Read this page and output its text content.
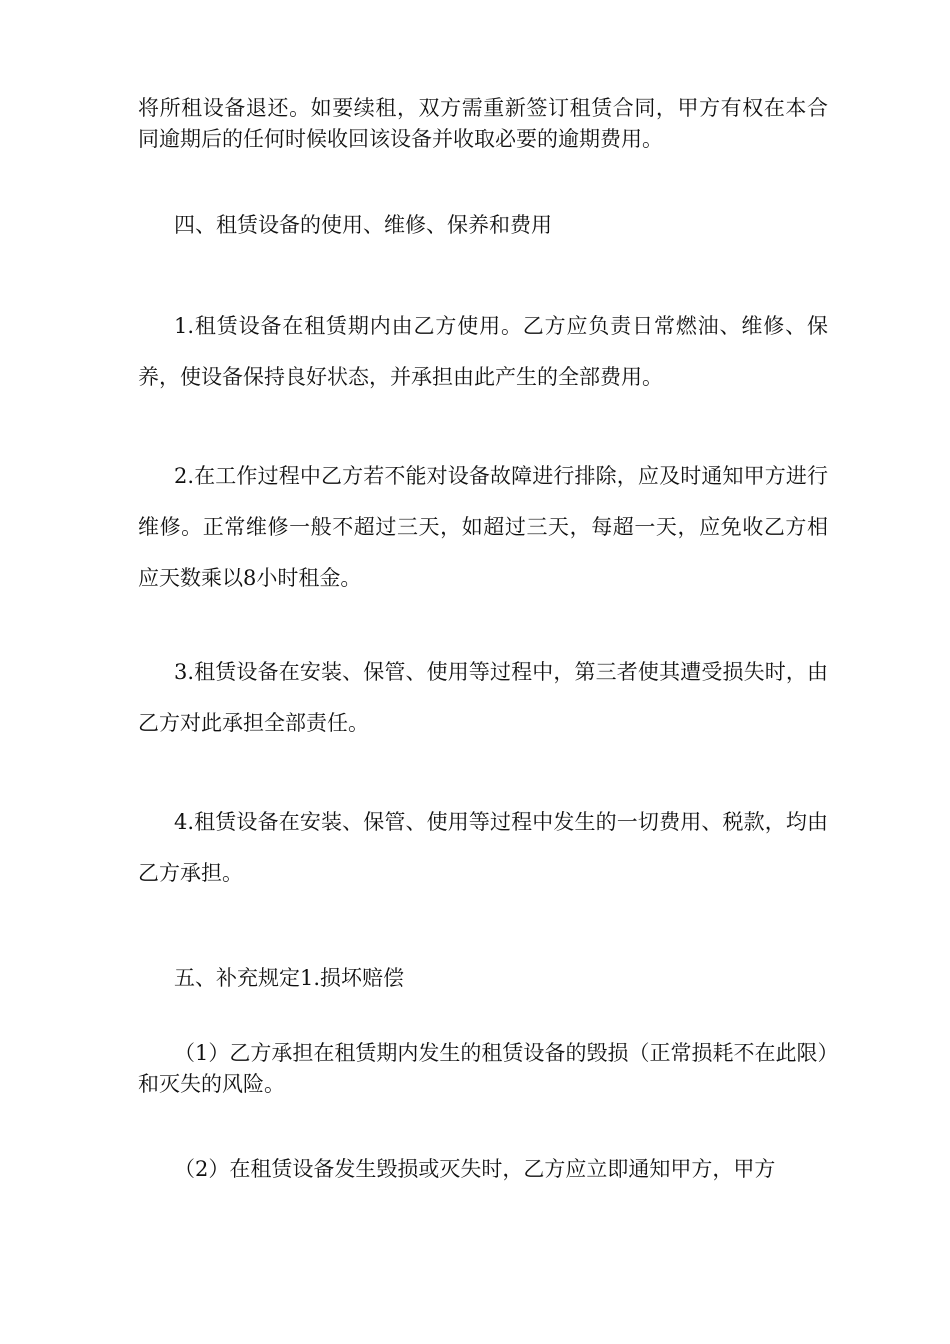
将所租设备退还。如要续租，双方需重新签订租赁合同，甲方有权在本合同逾期后的任何时候收回该设备并收取必要的逾期费用。

四、租赁设备的使用、维修、保养和费用

1.租赁设备在租赁期内由乙方使用。乙方应负责日常燃油、维修、保养，使设备保持良好状态，并承担由此产生的全部费用。

2.在工作过程中乙方若不能对设备故障进行排除，应及时通知甲方进行维修。正常维修一般不超过三天，如超过三天，每超一天，应免收乙方相应天数乘以8小时租金。

3.租赁设备在安装、保管、使用等过程中，第三者使其遭受损失时，由乙方对此承担全部责任。

4.租赁设备在安装、保管、使用等过程中发生的一切费用、税款，均由乙方承担。

五、补充规定1.损坏赔偿

（1）乙方承担在租赁期内发生的租赁设备的毁损（正常损耗不在此限）和灭失的风险。

（2）在租赁设备发生毁损或灭失时，乙方应立即通知甲方，甲方
